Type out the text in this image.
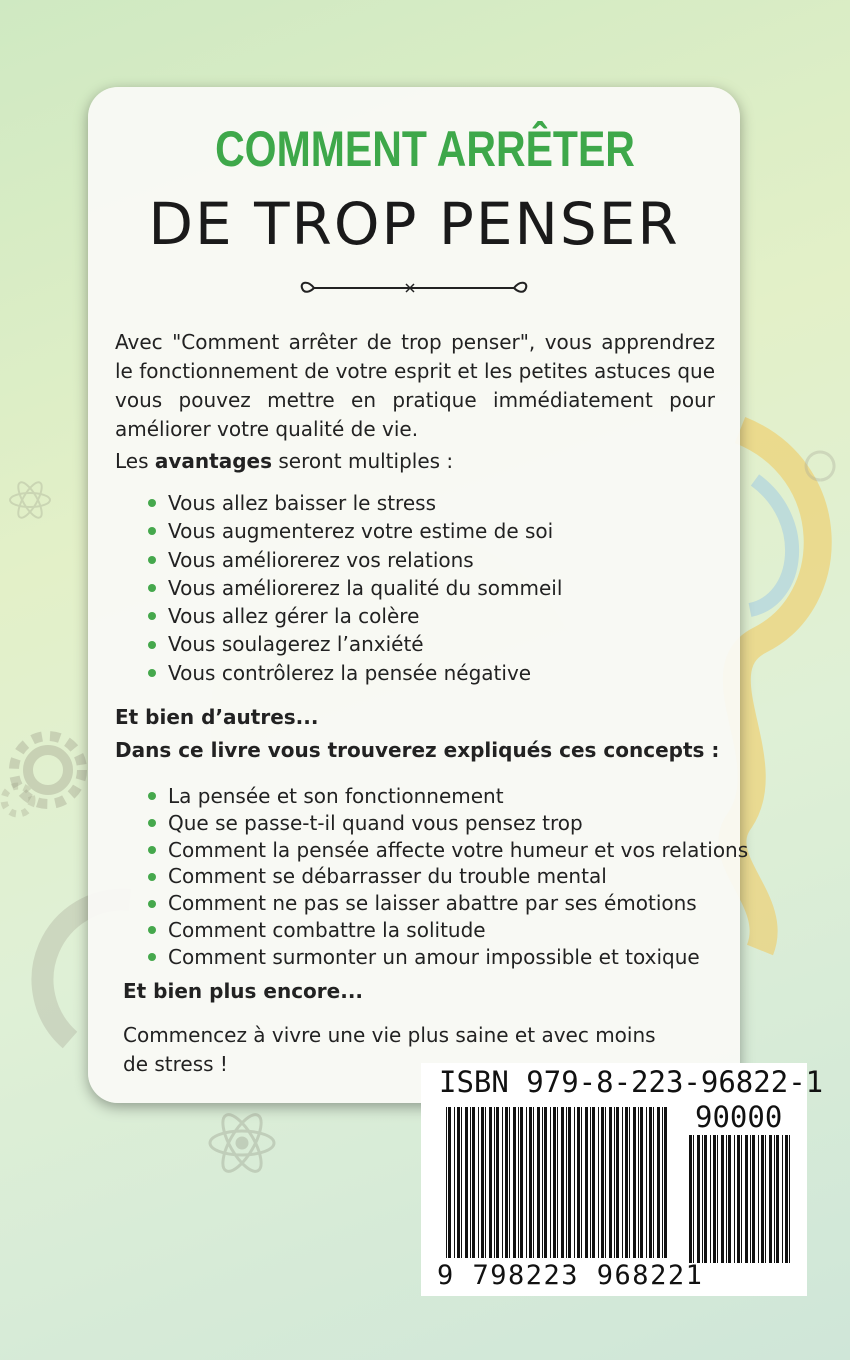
COMMENT ARRÊTER
DE TROP PENSER
Avec "Comment arrêter de trop penser", vous apprendrez le fonctionnement de votre esprit et les petites astuces que vous pouvez mettre en pratique immédiatement pour améliorer votre qualité de vie.
Les avantages seront multiples :
Vous allez baisser le stress
Vous augmenterez votre estime de soi
Vous améliorerez vos relations
Vous améliorerez la qualité du sommeil
Vous allez gérer la colère
Vous soulagerez l’anxiété
Vous contrôlerez la pensée négative
Et bien d’autres...
Dans ce livre vous trouverez expliqués ces concepts :
La pensée et son fonctionnement
Que se passe-t-il quand vous pensez trop
Comment la pensée affecte votre humeur et vos relations
Comment se débarrasser du trouble mental
Comment ne pas se laisser abattre par ses émotions
Comment combattre la solitude
Comment surmonter un amour impossible et toxique
Et bien plus encore...
Commencez à vivre une vie plus saine et avec moins de stress !
ISBN 979-8-223-96822-1
90000
9 798223 968221
